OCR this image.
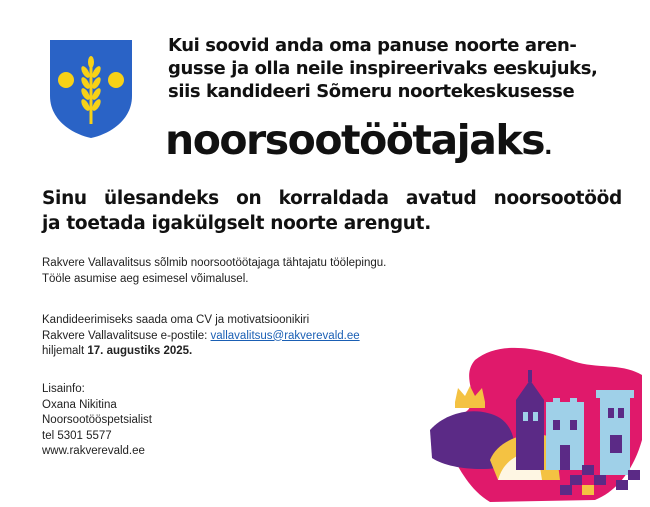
Kui soovid anda oma panuse noorte aren-
gusse ja olla neile inspireerivaks eeskujuks,
siis kandideeri Sõmeru noortekeskusesse
noorsootöötajaks.
Sinu ülesandeks on korraldada avatud noorsootööd
ja toetada igakülgselt noorte arengut.
Rakvere Vallavalitsus sõlmib noorsootöötajaga tähtajatu töölepingu.
Tööle asumise aeg esimesel võimalusel.
Kandideerimiseks saada oma CV ja motivatsioonikiri
Rakvere Vallavalitsuse e-postile: vallavalitsus@rakverevald.ee
hiljemalt 17. augustiks 2025.
Lisainfo:
Oxana Nikitina
Noorsootööspetsialist
tel 5301 5577
www.rakverevald.ee
